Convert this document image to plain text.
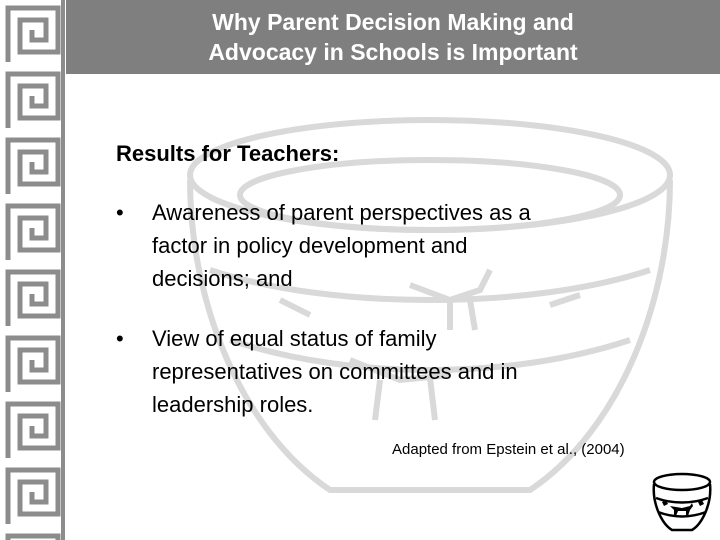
Why Parent Decision Making and
Advocacy in Schools is Important
Results for Teachers:
•	Awareness of parent perspectives as a
factor in policy development and
decisions; and
•	View of equal status of family
representatives on committees and in
leadership roles.
Adapted from Epstein et al., (2004)
